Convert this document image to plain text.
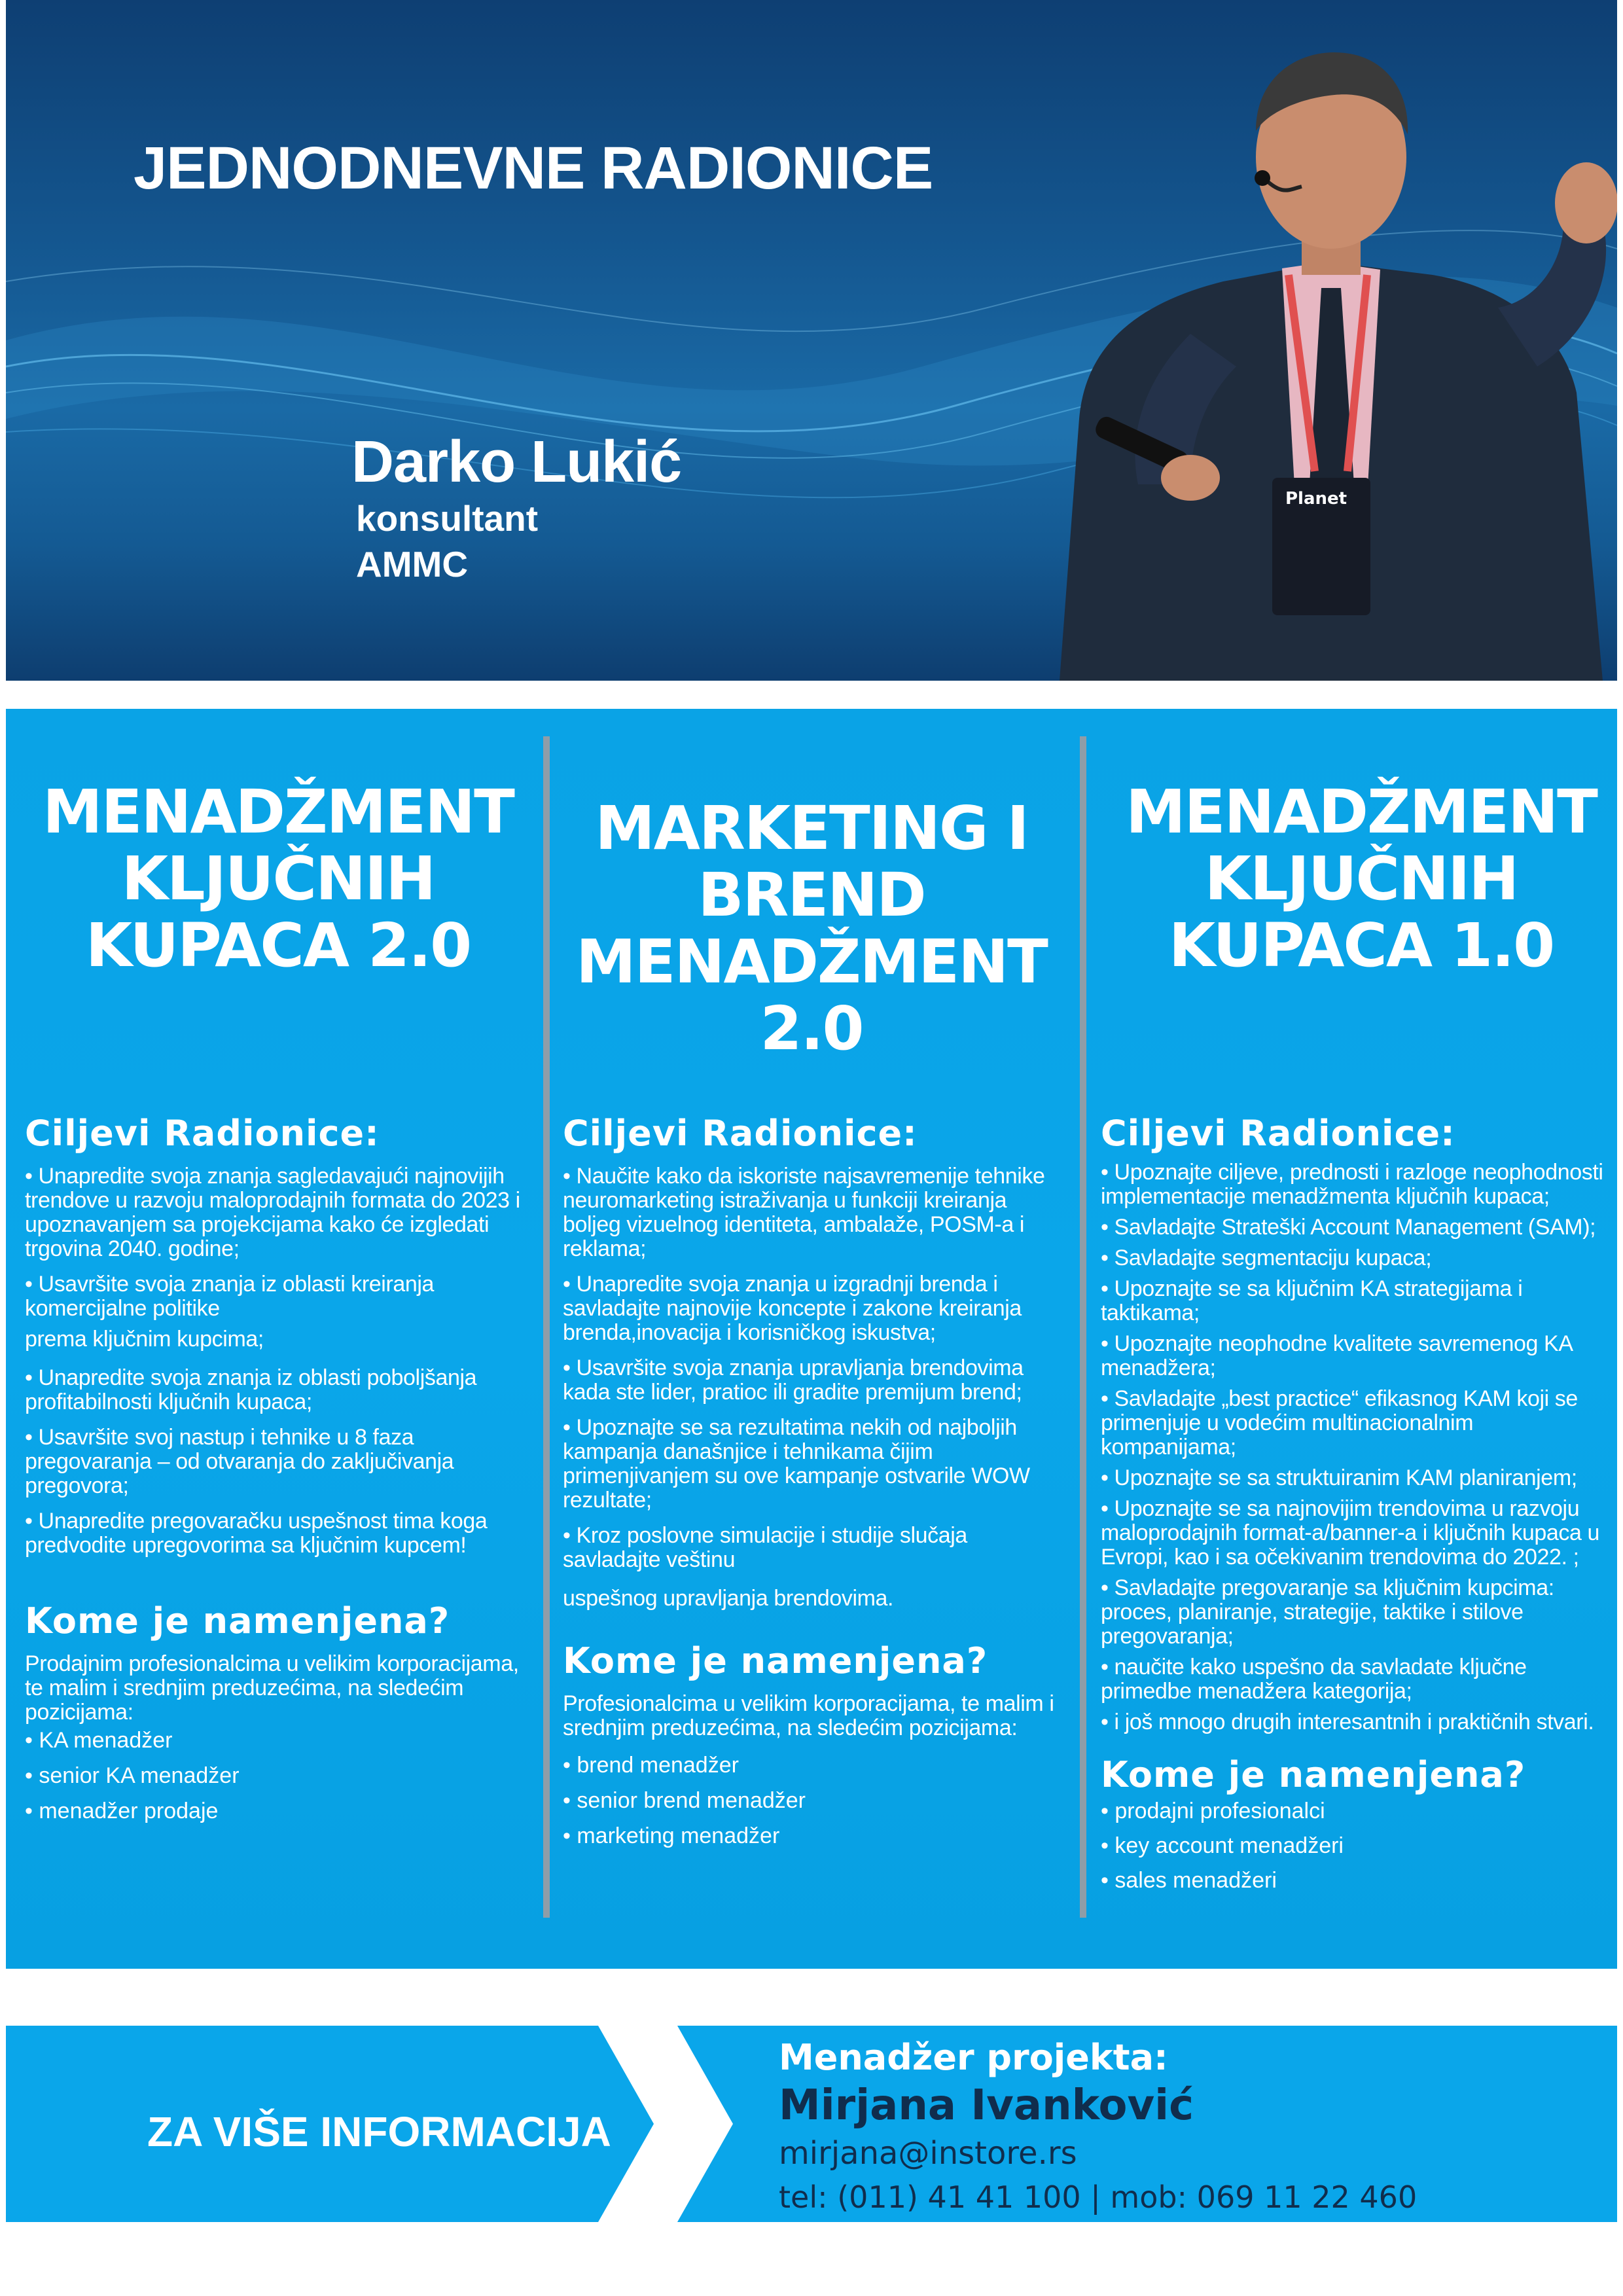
JEDNODNEVNE RADIONICE
Darko Lukić
konsultant
AMMC
Planet
MENADŽMENT KLJUČNIH KUPACA 2.0
MARKETING I BREND MENADŽMENT 2.0
MENADŽMENT KLJUČNIH KUPACA 1.0
Ciljevi Radionice:
• Unapredite svoja znanja sagledavajući najnovijih trendove u razvoju maloprodajnih formata do 2023 i upoznavanjem sa projekcijama kako će izgledati trgovina 2040. godine;
• Usavršite svoja znanja iz oblasti kreiranja komercijalne politike
prema ključnim kupcima;
• Unapredite svoja znanja iz oblasti poboljšanja profitabilnosti ključnih kupaca;
• Usavršite svoj nastup i tehnike u 8 faza pregovaranja – od otvaranja do zaključivanja pregovora;
• Unapredite pregovaračku uspešnost tima koga predvodite upregovorima sa ključnim kupcem!
Kome je namenjena?
Prodajnim profesionalcima u velikim korporacijama, te malim i srednjim preduzećima, na sledećim pozicijama:
• KA menadžer
• senior KA menadžer
• menadžer prodaje
Ciljevi Radionice:
• Naučite kako da iskoriste najsavremenije tehnike neuromarketing istraživanja u funkciji kreiranja boljeg vizuelnog identiteta, ambalaže, POSM-a i reklama;
• Unapredite svoja znanja u izgradnji brenda i savladajte najnovije koncepte i zakone kreiranja brenda,inovacija i korisničkog iskustva;
• Usavršite svoja znanja upravljanja brendovima kada ste lider, pratioc ili gradite premijum brend;
• Upoznajte se sa rezultatima nekih od najboljih kampanja današnjice i tehnikama čijim primenjivanjem su ove kampanje ostvarile WOW rezultate;
• Kroz poslovne simulacije i studije slučaja savladajte veštinu
uspešnog upravljanja brendovima.
Kome je namenjena?
Profesionalcima u velikim korporacijama, te malim i srednjim preduzećima, na sledećim pozicijama:
• brend menadžer
• senior brend menadžer
• marketing menadžer
Ciljevi Radionice:
• Upoznajte ciljeve, prednosti i razloge neophodnosti implementacije menadžmenta ključnih kupaca;
• Savladajte Strateški Account Management (SAM);
• Savladajte segmentaciju kupaca;
• Upoznajte se sa ključnim KA strategijama i taktikama;
• Upoznajte neophodne kvalitete savremenog KA menadžera;
• Savladajte „best practice“ efikasnog KAM koji se primenjuje u vodećim multinacionalnim kompanijama;
• Upoznajte se sa struktuiranim KAM planiranjem;
• Upoznajte se sa najnovijim trendovima u razvoju maloprodajnih format-a/banner-a i ključnih kupaca u Evropi, kao i sa očekivanim trendovima do 2022. ;
• Savladajte pregovaranje sa ključnim kupcima: proces, planiranje, strategije, taktike i stilove pregovaranja;
• naučite kako uspešno da savladate ključne primedbe menadžera kategorija;
• i još mnogo drugih interesantnih i praktičnih stvari.
Kome je namenjena?
• prodajni profesionalci
• key account menadžeri
• sales menadžeri
ZA VIŠE INFORMACIJA
Menadžer projekta:
Mirjana Ivanković
mirjana@instore.rs
tel: (011) 41 41 100 | mob: 069 11 22 460
